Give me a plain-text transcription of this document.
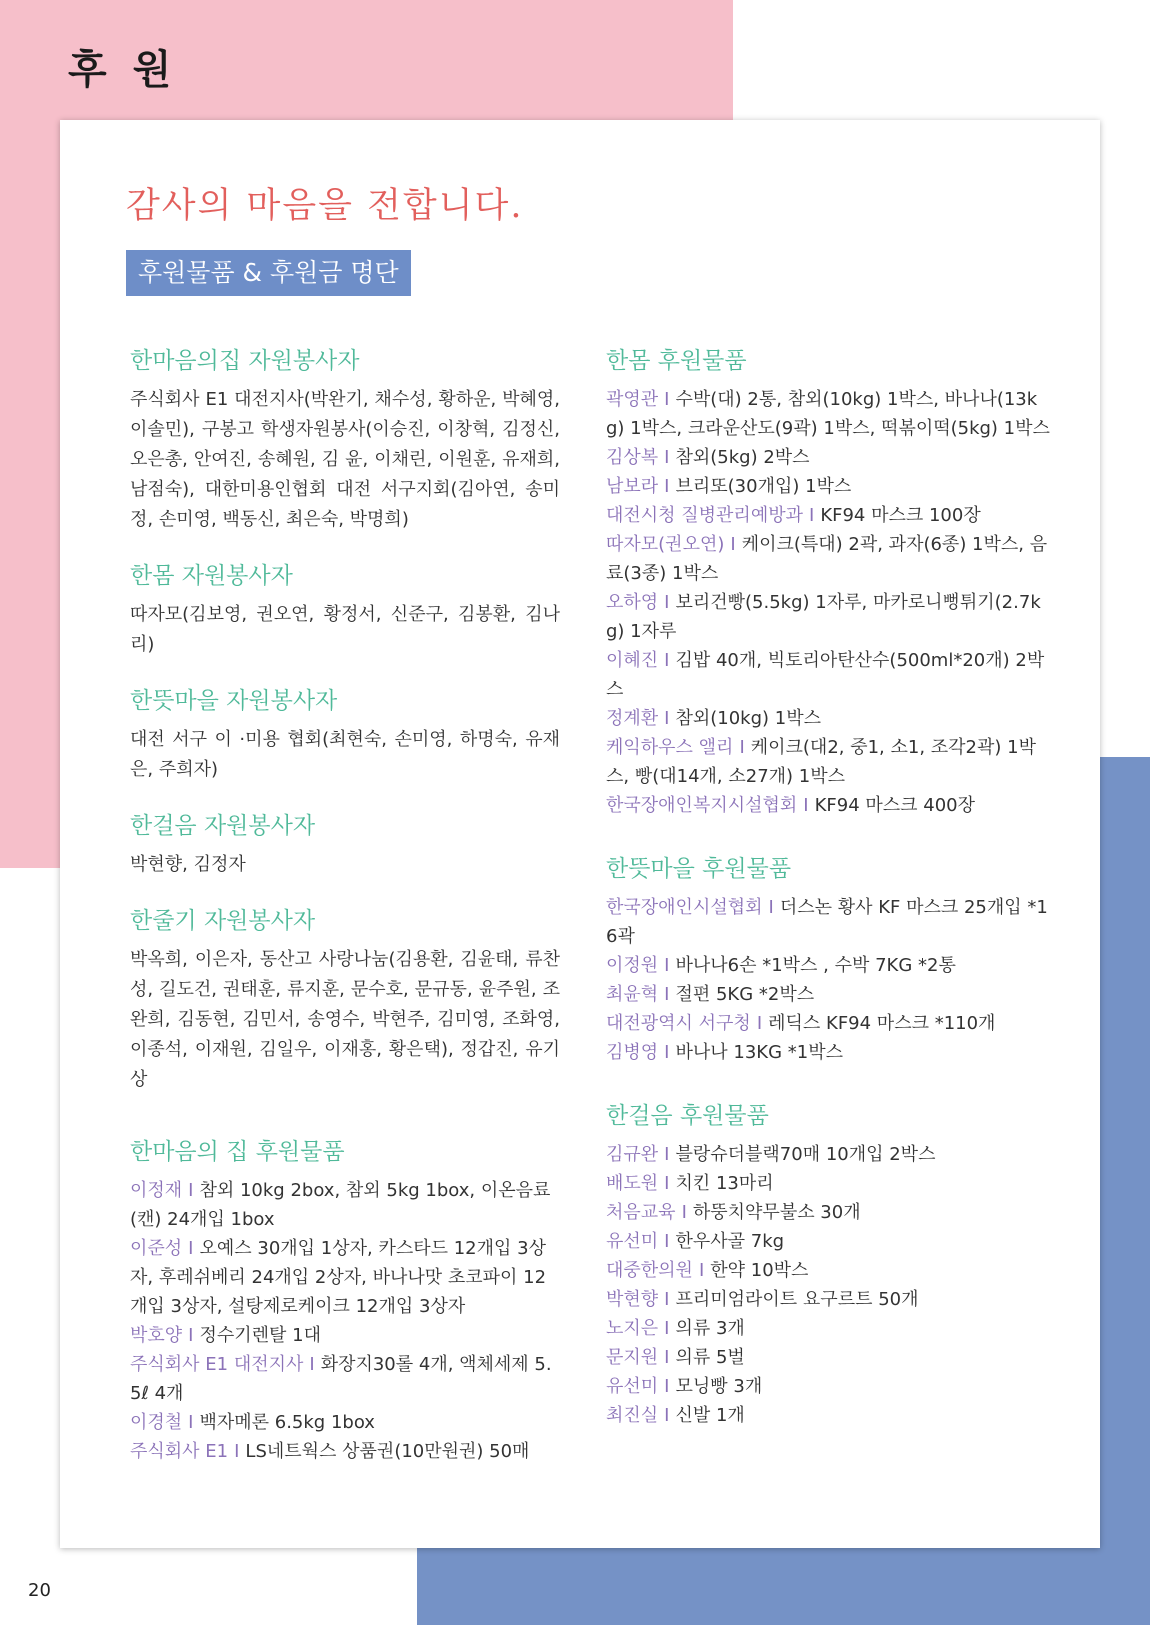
후 원
20
감사의 마음을 전합니다.
후원물품 & 후원금 명단
한마음의집 자원봉사자
주식회사 E1 대전지사(박완기, 채수성, 황하운, 박혜영, 이솔민), 구봉고 학생자원봉사(이승진, 이창혁, 김정신, 오은총, 안여진, 송혜원, 김 윤, 이채린, 이원훈, 유재희, 남점숙), 대한미용인협회 대전 서구지회(김아연, 송미정, 손미영, 백동신, 최은숙, 박명희)
한몸 자원봉사자
따자모(김보영, 권오연, 황정서, 신준구, 김봉환, 김나리)
한뜻마을 자원봉사자
대전 서구 이 ·미용 협회(최현숙, 손미영, 하명숙, 유재은, 주희자)
한걸음 자원봉사자
박현향, 김정자
한줄기 자원봉사자
박옥희, 이은자, 동산고 사랑나눔(김용환, 김윤태, 류찬성, 길도건, 권태훈, 류지훈, 문수호, 문규동, 윤주원, 조완희, 김동현, 김민서, 송영수, 박현주, 김미영, 조화영, 이종석, 이재원, 김일우, 이재홍, 황은택), 정갑진, 유기상
한마음의 집 후원물품
이정재 I 참외 10kg 2box, 참외 5kg 1box, 이온음료(캔) 24개입 1box
이준성 I 오예스 30개입 1상자, 카스타드 12개입 3상자, 후레쉬베리 24개입 2상자, 바나나맛 초코파이 12개입 3상자, 설탕제로케이크 12개입 3상자
박호양 I 정수기렌탈 1대
주식회사 E1 대전지사 I 화장지30롤 4개, 액체세제 5.5ℓ 4개
이경철 I 백자메론 6.5kg 1box
주식회사 E1 I LS네트웍스 상품권(10만원권) 50매
한몸 후원물품
곽영관 I 수박(대) 2통, 참외(10kg) 1박스, 바나나(13kg) 1박스, 크라운산도(9곽) 1박스, 떡볶이떡(5kg) 1박스
김상복 I 참외(5kg) 2박스
남보라 I 브리또(30개입) 1박스
대전시청 질병관리예방과 I KF94 마스크 100장
따자모(권오연) I 케이크(특대) 2곽, 과자(6종) 1박스, 음료(3종) 1박스
오하영 I 보리건빵(5.5kg) 1자루, 마카로니뻥튀기(2.7kg) 1자루
이혜진 I 김밥 40개, 빅토리아탄산수(500ml*20개) 2박스
정계환 I 참외(10kg) 1박스
케익하우스 앨리 I 케이크(대2, 중1, 소1, 조각2곽) 1박스, 빵(대14개, 소27개) 1박스
한국장애인복지시설협회 I KF94 마스크 400장
한뜻마을 후원물품
한국장애인시설협회 I 더스논 황사 KF 마스크 25개입 *16곽
이정원 I 바나나6손 *1박스 , 수박 7KG *2통
최윤혁 I 절편 5KG *2박스
대전광역시 서구청 I 레딕스 KF94 마스크 *110개
김병영 I 바나나 13KG *1박스
한걸음 후원물품
김규완 I 블랑슈더블랙70매 10개입 2박스
배도원 I 치킨 13마리
처음교육 I 하뚱치약무불소 30개
유선미 I 한우사골 7kg
대중한의원 I 한약 10박스
박현향 I 프리미엄라이트 요구르트 50개
노지은 I 의류 3개
문지원 I 의류 5벌
유선미 I 모닝빵 3개
최진실 I 신발 1개
